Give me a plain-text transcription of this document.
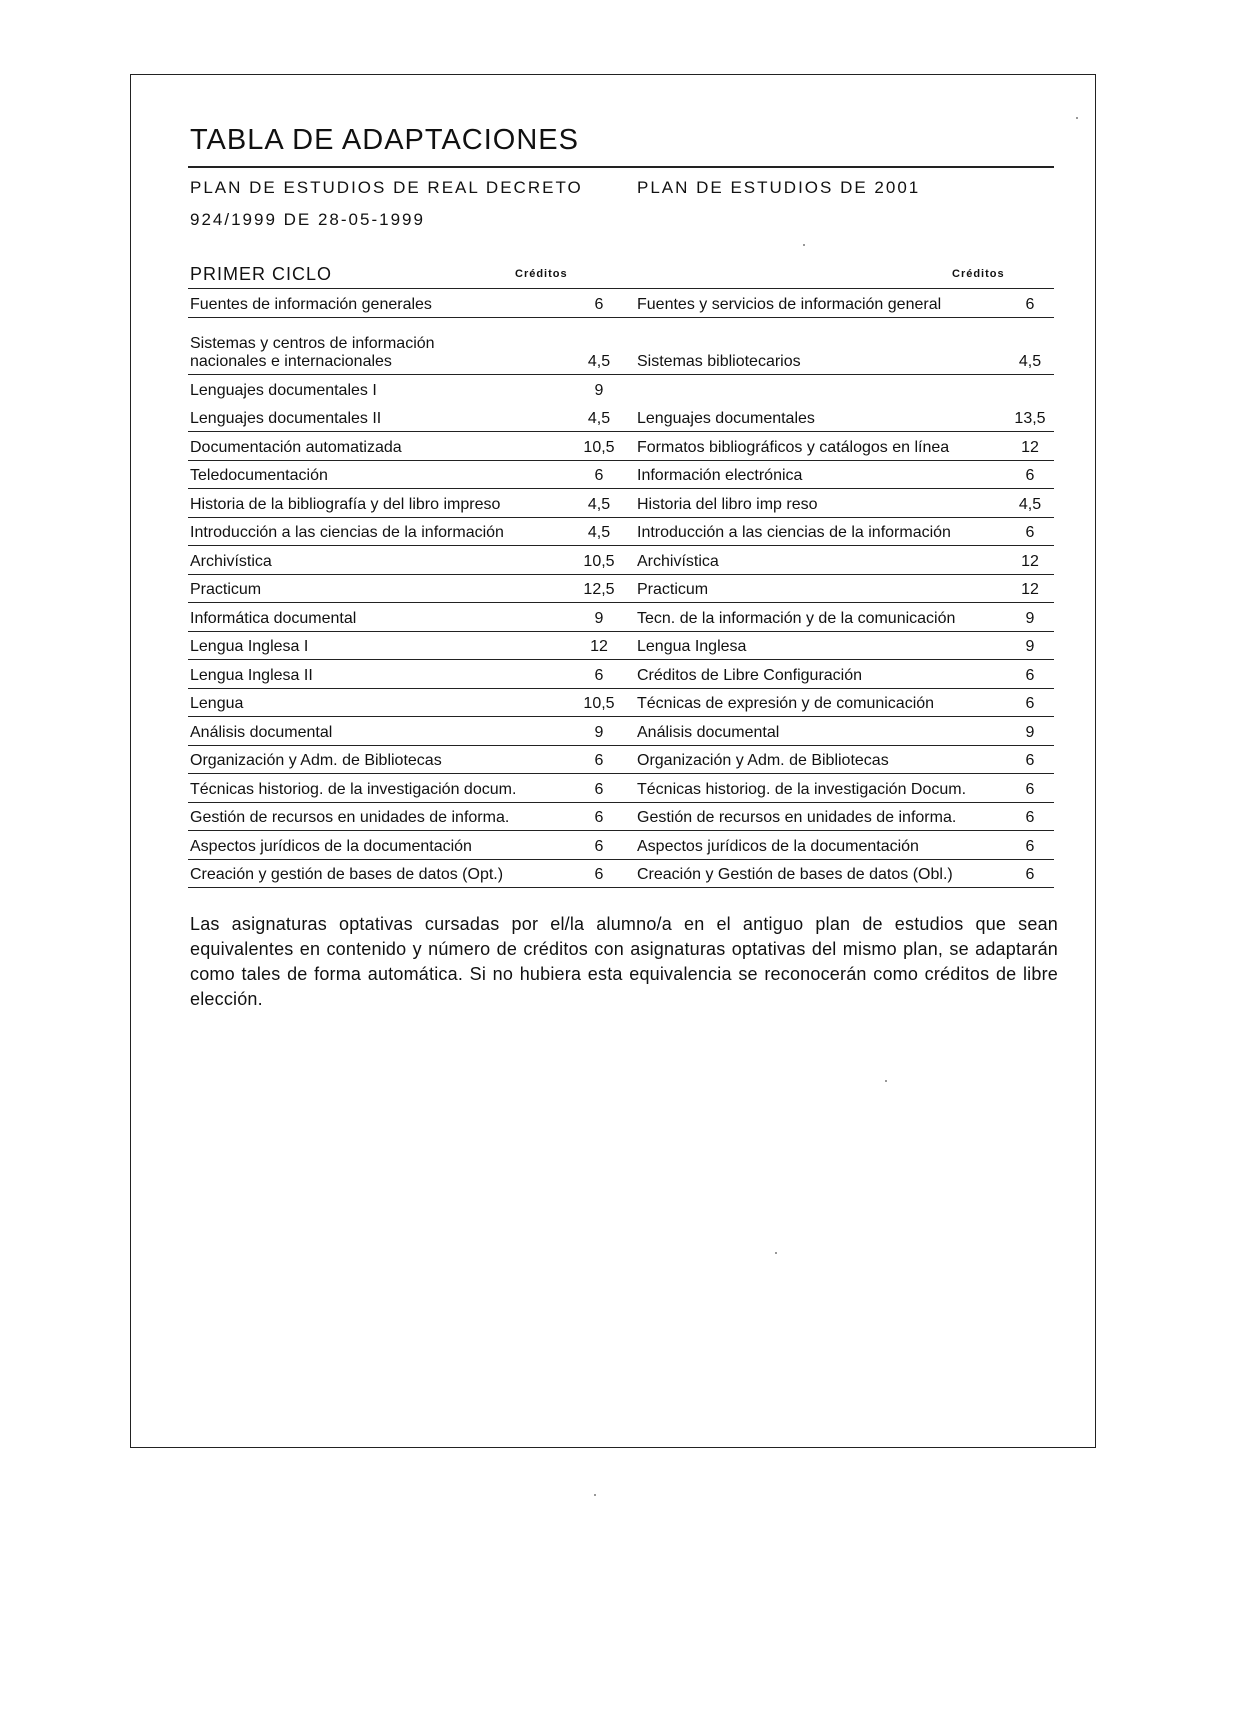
TABLA DE ADAPTACIONES
PLAN DE ESTUDIOS DE REAL DECRETO
924/1999 DE 28-05-1999
PLAN DE ESTUDIOS DE 2001
PRIMER CICLO	Créditos	Créditos
Fuentes de información generales	6	Fuentes y servicios de información general	6
Sistemas y centros de información
nacionales e internacionales	4,5	Sistemas bibliotecarios	4,5
Lenguajes documentales I	9		
Lenguajes documentales II	4,5	Lenguajes documentales	13,5
Documentación automatizada	10,5	Formatos bibliográficos y catálogos en línea	12
Teledocumentación	6	Información electrónica	6
Historia de la bibliografía y del libro impreso	4,5	Historia del libro imp reso	4,5
Introducción a las ciencias de la información	4,5	Introducción a las ciencias de la información	6
Archivística	10,5	Archivística	12
Practicum	12,5	Practicum	12
Informática documental	9	Tecn. de la información y de la comunicación	9
Lengua Inglesa I	12	Lengua Inglesa	9
Lengua Inglesa II	6	Créditos de Libre Configuración	6
Lengua	10,5	Técnicas de expresión y de comunicación	6
Análisis documental	9	Análisis documental	9
Organización y Adm. de Bibliotecas	6	Organización y Adm. de Bibliotecas	6
Técnicas historiog. de la investigación docum.	6	Técnicas historiog. de la investigación Docum.	6
Gestión de recursos en unidades de informa.	6	Gestión de recursos en unidades de informa.	6
Aspectos jurídicos de la documentación	6	Aspectos jurídicos de la documentación	6
Creación y gestión de bases de datos (Opt.)	6	Creación y Gestión de bases de datos (Obl.)	6
Las asignaturas optativas cursadas por el/la alumno/a en el antiguo plan de estudios que sean equivalentes en contenido y número de créditos con asignaturas optativas del mismo plan, se adaptarán como tales de forma automática. Si no hubiera esta equivalencia se reconocerán como créditos de libre elección.
